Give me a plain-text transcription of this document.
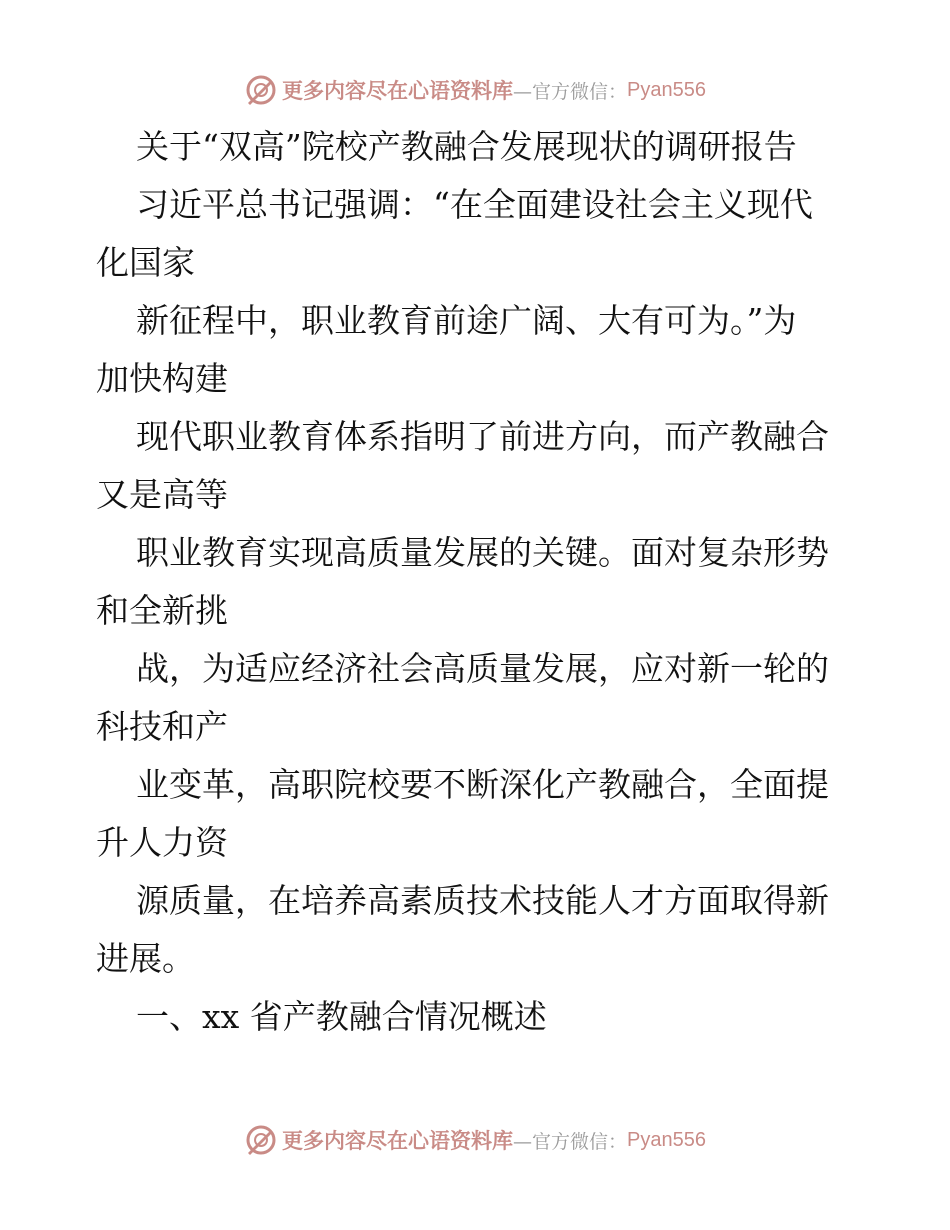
更多内容尽在心语资料库 —官方微信： Pyan556
关于“双高”院校产教融合发展现状的调研报告
习近平总书记强调：“在全面建设社会主义现代
化国家
新征程中，职业教育前途广阔、大有可为。”为
加快构建
现代职业教育体系指明了前进方向，而产教融合
又是高等
职业教育实现高质量发展的关键。面对复杂形势
和全新挑
战，为适应经济社会高质量发展，应对新一轮的
科技和产
业变革，高职院校要不断深化产教融合，全面提
升人力资
源质量，在培养高素质技术技能人才方面取得新
进展。
一、xx 省产教融合情况概述
更多内容尽在心语资料库 —官方微信： Pyan556
